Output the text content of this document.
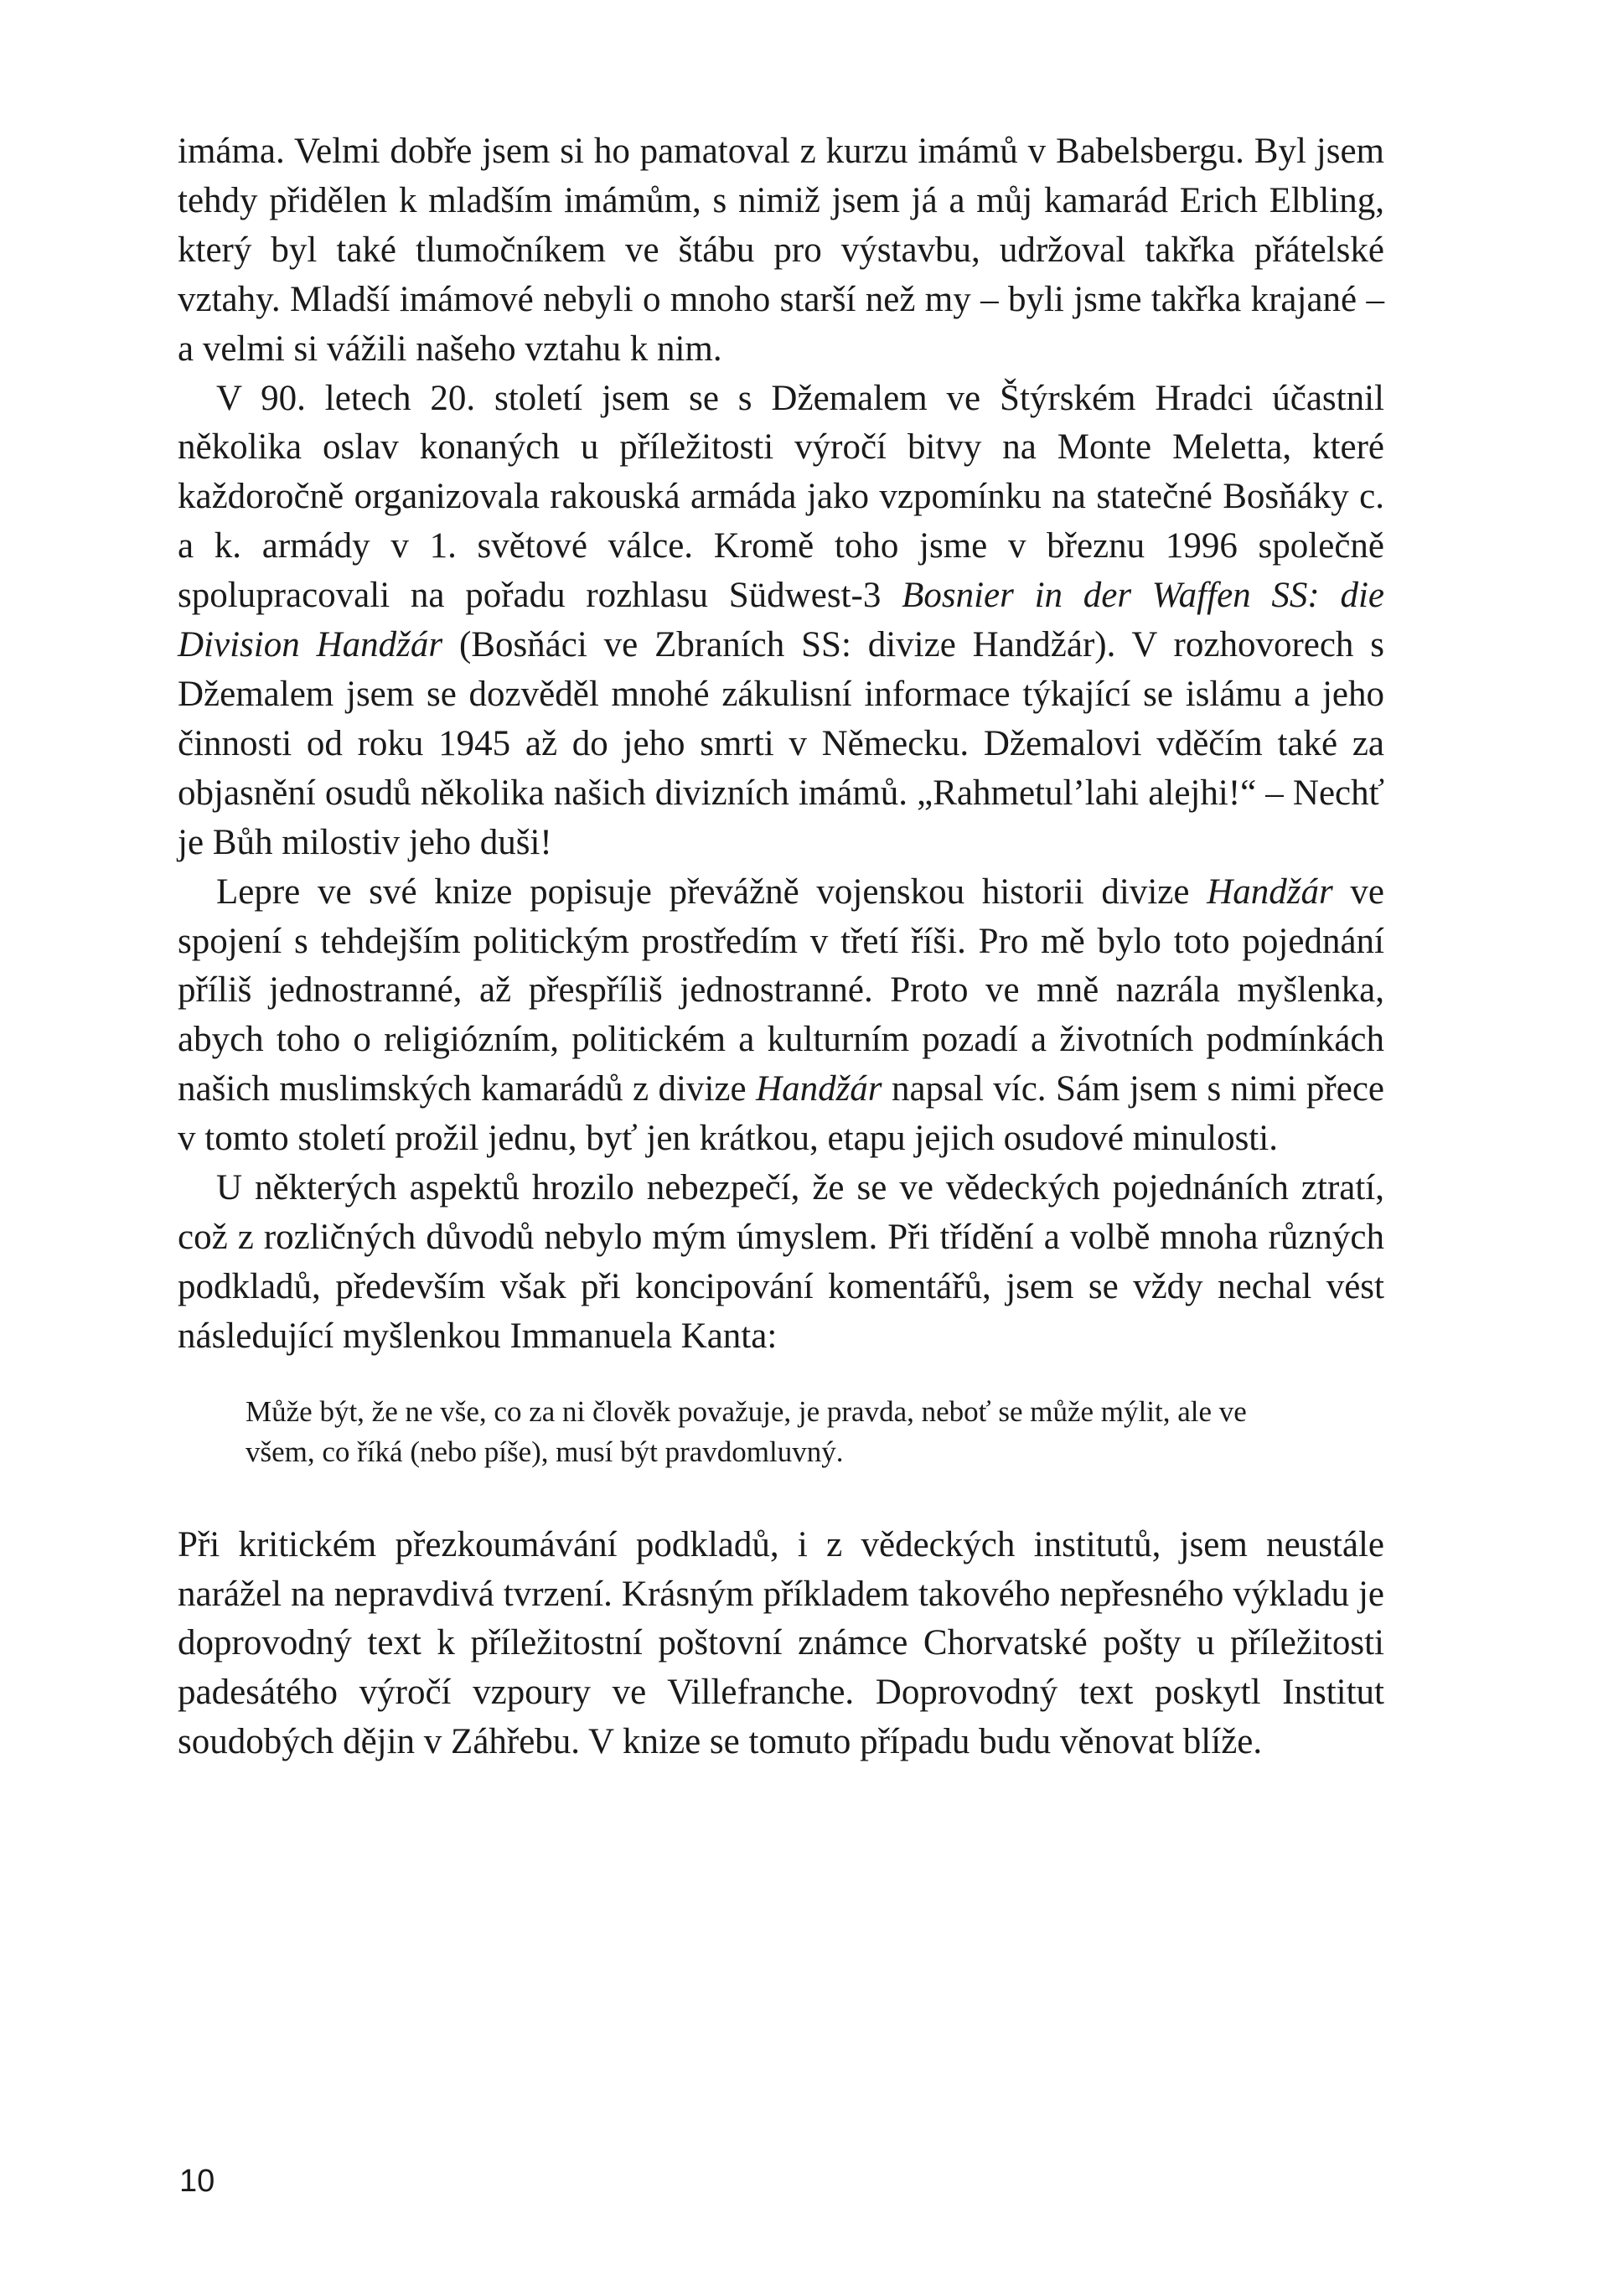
imáma. Velmi dobře jsem si ho pamatoval z kurzu imámů v Babelsbergu. Byl jsem tehdy přidělen k mladším imámům, s nimiž jsem já a můj kamarád Erich Elbling, který byl také tlumočníkem ve štábu pro výstavbu, udržoval takřka přátelské vztahy. Mladší imámové nebyli o mnoho starší než my – byli jsme takřka krajané – a velmi si vážili našeho vztahu k nim.

V 90. letech 20. století jsem se s Džemalem ve Štýrském Hradci účastnil několika oslav konaných u příležitosti výročí bitvy na Monte Meletta, které každoročně organizovala rakouská armáda jako vzpomínku na statečné Bosňáky c. a k. armády v 1. světové válce. Kromě toho jsme v březnu 1996 společně spolupracovali na pořadu rozhlasu Südwest-3 Bosnier in der Waffen SS: die Division Handžár (Bosňáci ve Zbraních SS: divize Handžár). V rozhovorech s Džemalem jsem se dozvěděl mnohé zákulisní informace týkající se islámu a jeho činnosti od roku 1945 až do jeho smrti v Německu. Džemalovi vděčím také za objasnění osudů několika našich divizních imámů. „Rahmetul’lahi alejhi!“ – Nechť je Bůh milostiv jeho duši!

Lepre ve své knize popisuje převážně vojenskou historii divize Handžár ve spojení s tehdejším politickým prostředím v třetí říši. Pro mě bylo toto pojednání příliš jednostranné, až přespříliš jednostranné. Proto ve mně nazrála myšlenka, abych toho o religiózním, politickém a kulturním pozadí a životních podmínkách našich muslimských kamarádů z divize Handžár napsal víc. Sám jsem s nimi přece v tomto století prožil jednu, byť jen krátkou, etapu jejich osudové minulosti.

U některých aspektů hrozilo nebezpečí, že se ve vědeckých pojednáních ztratí, což z rozličných důvodů nebylo mým úmyslem. Při třídění a volbě mnoha různých podkladů, především však při koncipování komentářů, jsem se vždy nechal vést následující myšlenkou Immanuela Kanta:

Může být, že ne vše, co za ni člověk považuje, je pravda, neboť se může mýlit, ale ve všem, co říká (nebo píše), musí být pravdomluvný.

Při kritickém přezkoumávání podkladů, i z vědeckých institutů, jsem neustále narážel na nepravdivá tvrzení. Krásným příkladem takového nepřesného výkladu je doprovodný text k příležitostní poštovní známce Chorvatské pošty u příležitosti padesátého výročí vzpoury ve Villefranche. Doprovodný text poskytl Institut soudobých dějin v Záhřebu. V knize se tomuto případu budu věnovat blíže.

10
